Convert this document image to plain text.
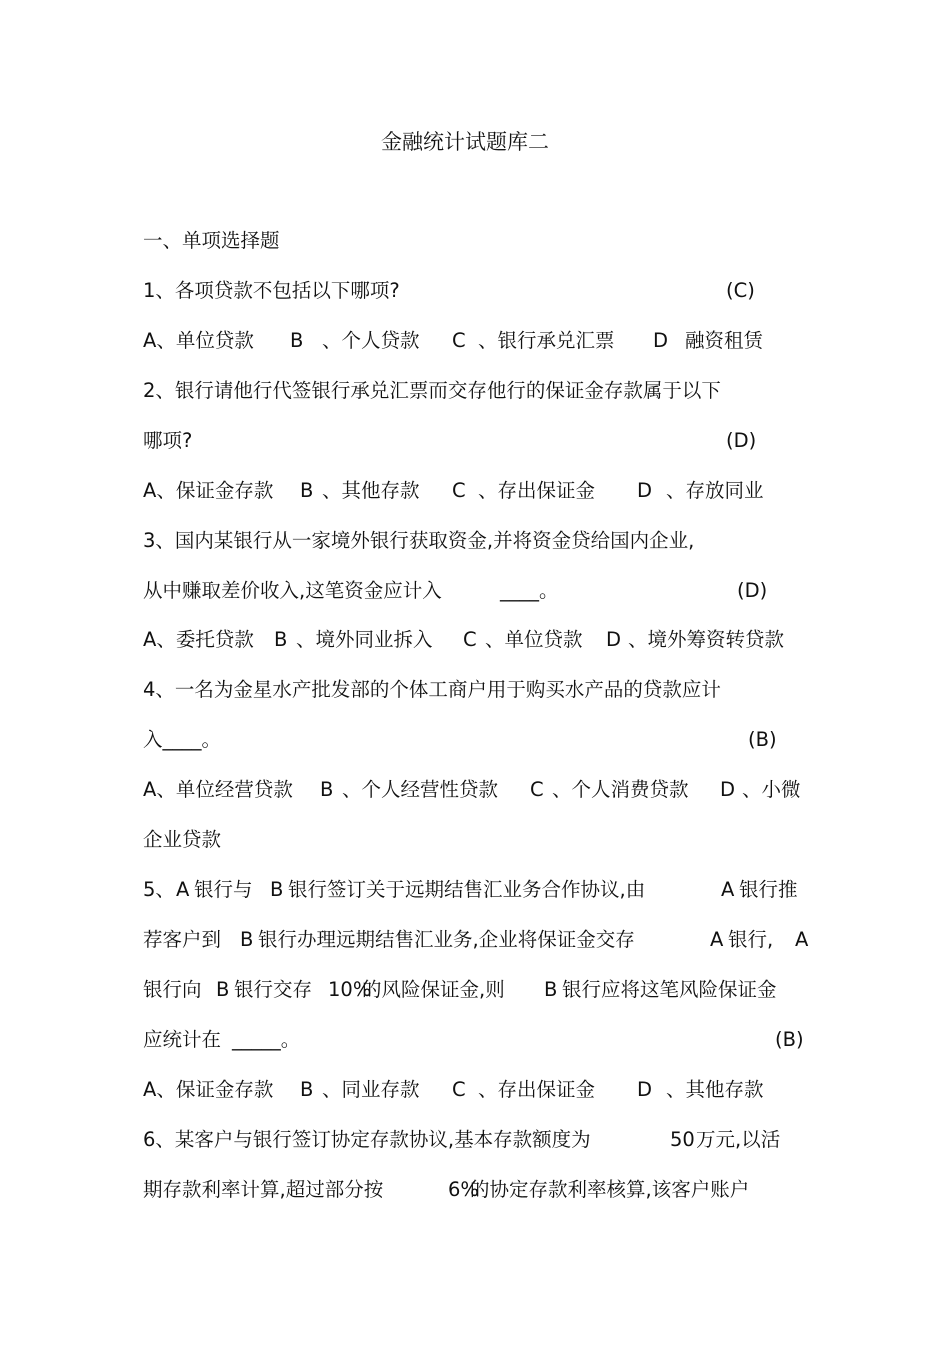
金融统计试题库二
一、单项选择题
1、各项贷款不包括以下哪项?	(C)
A、单位贷款 B 、个人贷款 C 、银行承兑汇票 D 融资租赁
2、银行请他行代签银行承兑汇票而交存他行的保证金存款属于以下
哪项?	(D)
A、保证金存款 B 、其他存款 C 、存出保证金 D 、存放同业
3、国内某银行从一家境外银行获取资金,并将资金贷给国内企业,
从中赚取差价收入,这笔资金应计入	____。	(D)
A、委托贷款 B 、境外同业拆入 C 、单位贷款 D 、境外筹资转贷款
4、一名为金星水产批发部的个体工商户用于购买水产品的贷款应计
入____。	(B)
A、单位经营贷款 B 、个人经营性贷款 C 、个人消费贷款 D 、小微
企业贷款
5、 A 银行与 B 银行签订关于远期结售汇业务合作协议,由	A 银行推
荐客户到 B 银行办理远期结售汇业务,企业将保证金交存	A 银行, A
银行向 B 银行交存 10%
的风险保证金,则 B 银行应将这笔风险保证金
应统计在 _____。	(B)
A、保证金存款 B 、同业存款 C 、存出保证金 D 、其他存款
6、某客户与银行签订协定存款协议,基本存款额度为	50 万元,以活
期存款利率计算,超过部分按	6%
的协定存款利率核算,该客户账户
